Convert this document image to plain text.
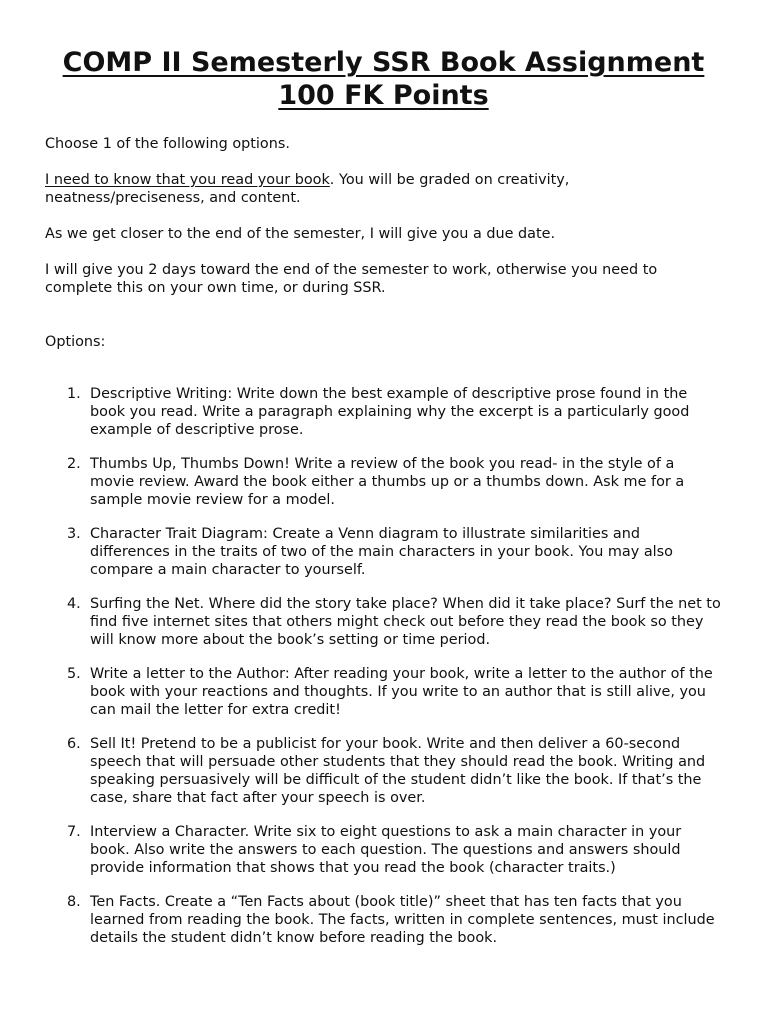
COMP II Semesterly SSR Book Assignment
100 FK Points

Choose 1 of the following options.

I need to know that you read your book. You will be graded on creativity, neatness/preciseness, and content.

As we get closer to the end of the semester, I will give you a due date.

I will give you 2 days toward the end of the semester to work, otherwise you need to complete this on your own time, or during SSR.

Options:

1. Descriptive Writing: Write down the best example of descriptive prose found in the book you read. Write a paragraph explaining why the excerpt is a particularly good example of descriptive prose.
2. Thumbs Up, Thumbs Down! Write a review of the book you read- in the style of a movie review. Award the book either a thumbs up or a thumbs down. Ask me for a sample movie review for a model.
3. Character Trait Diagram: Create a Venn diagram to illustrate similarities and differences in the traits of two of the main characters in your book. You may also compare a main character to yourself.
4. Surfing the Net. Where did the story take place? When did it take place? Surf the net to find five internet sites that others might check out before they read the book so they will know more about the book’s setting or time period.
5. Write a letter to the Author: After reading your book, write a letter to the author of the book with your reactions and thoughts. If you write to an author that is still alive, you can mail the letter for extra credit!
6. Sell It! Pretend to be a publicist for your book. Write and then deliver a 60-second speech that will persuade other students that they should read the book. Writing and speaking persuasively will be difficult of the student didn’t like the book. If that’s the case, share that fact after your speech is over.
7. Interview a Character. Write six to eight questions to ask a main character in your book. Also write the answers to each question. The questions and answers should provide information that shows that you read the book (character traits.)
8. Ten Facts. Create a “Ten Facts about (book title)” sheet that has ten facts that you learned from reading the book. The facts, written in complete sentences, must include details the student didn’t know before reading the book.
